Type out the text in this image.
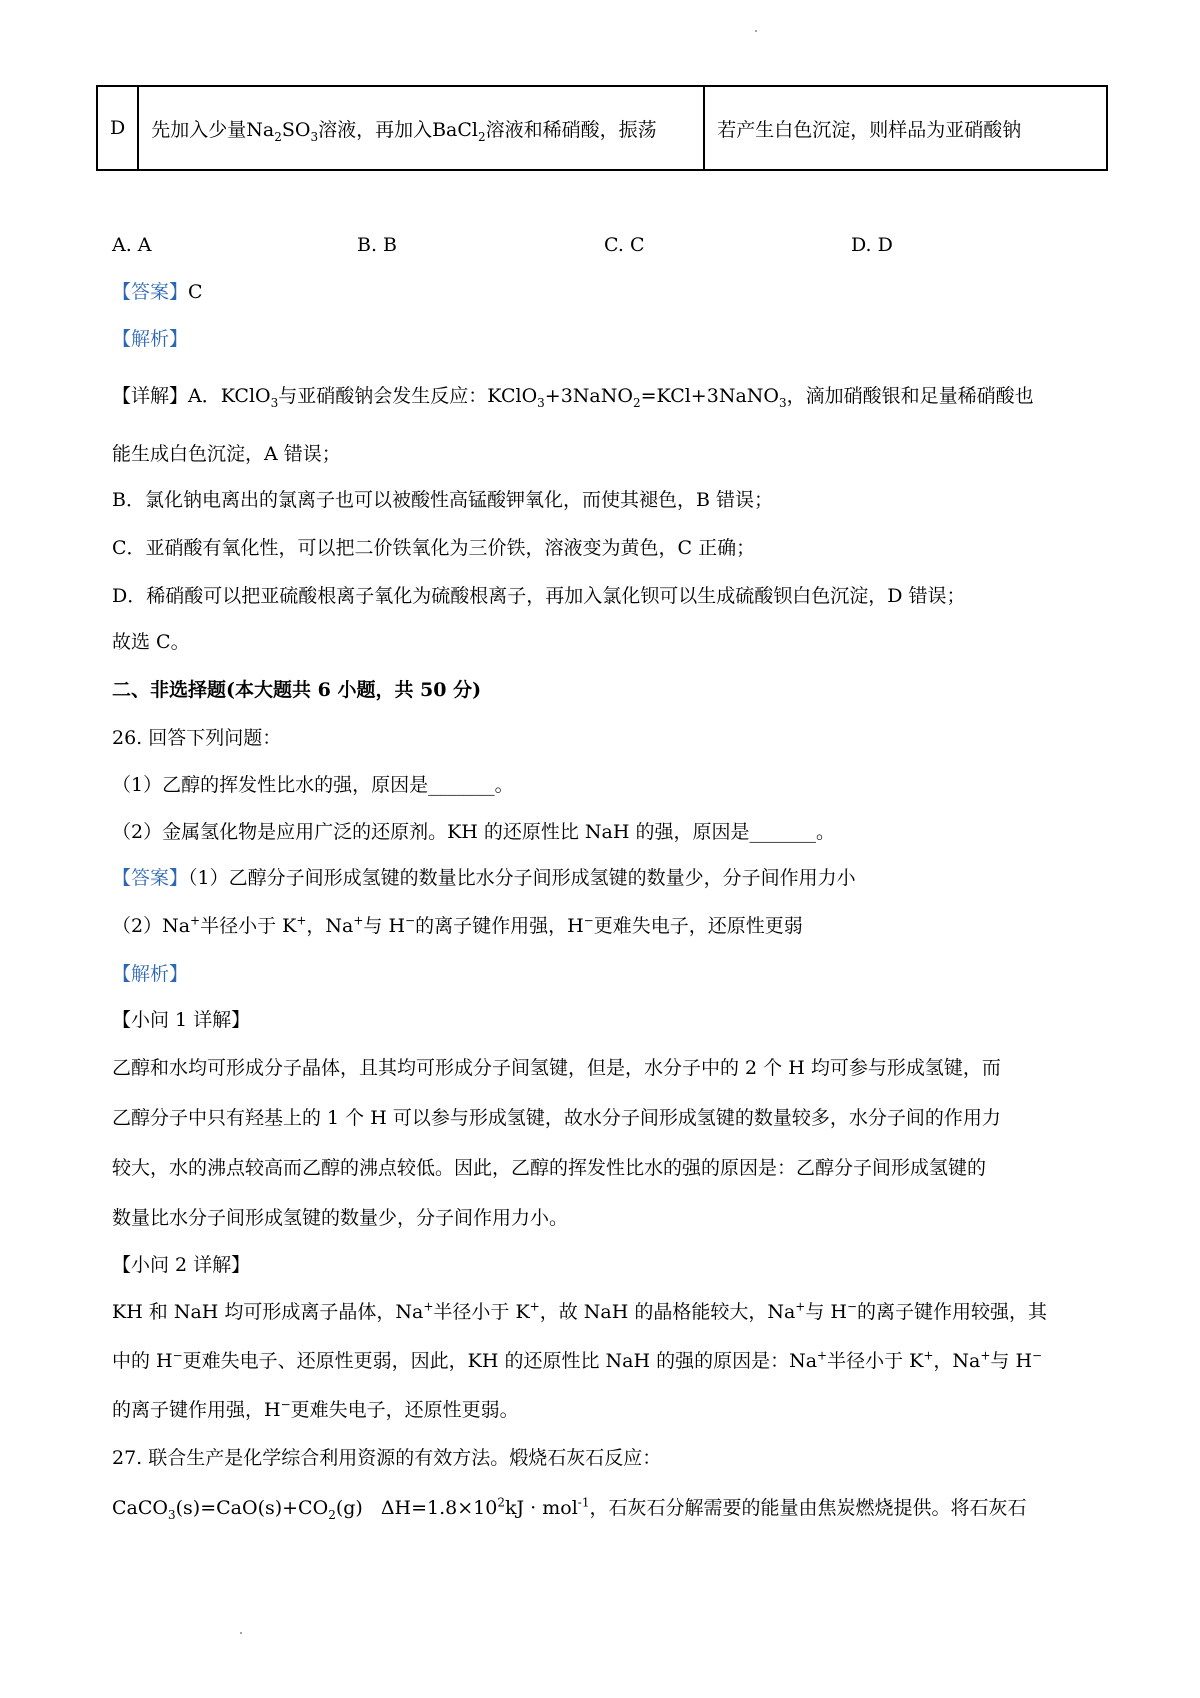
D	先加入少量$Na_2SO_3$溶液，再加入BaCl$_2$溶液和稀硝酸，振荡	若产生白色沉淀，则样品为亚硝酸钠
A. A	B. B	C. C	D. D
【答案】C
【解析】
【详解】A．KClO$_3$与亚硝酸钠会发生反应：KClO$_3$+3NaNO$_2$=KCl+3NaNO$_3$，滴加硝酸银和足量稀硝酸也
能生成白色沉淀，A 错误；
B．氯化钠电离出的氯离子也可以被酸性高锰酸钾氧化，而使其褪色，B 错误；
C．亚硝酸有氧化性，可以把二价铁氧化为三价铁，溶液变为黄色，C 正确；
D．稀硝酸可以把亚硫酸根离子氧化为硫酸根离子，再加入氯化钡可以生成硫酸钡白色沉淀，D 错误；
故选 C。
二、非选择题(本大题共 6 小题，共 50 分)
26. 回答下列问题：
（1）乙醇的挥发性比水的强，原因是_______。
（2）金属氢化物是应用广泛的还原剂。KH 的还原性比 NaH 的强，原因是_______。
【答案】（1）乙醇分子间形成氢键的数量比水分子间形成氢键的数量少，分子间作用力小
（2）Na+半径小于 K+，Na+与 H−的离子键作用强，H−更难失电子，还原性更弱
【解析】
【小问 1 详解】
乙醇和水均可形成分子晶体，且其均可形成分子间氢键，但是，水分子中的 2 个 H 均可参与形成氢键，而
乙醇分子中只有羟基上的 1 个 H 可以参与形成氢键，故水分子间形成氢键的数量较多，水分子间的作用力
较大，水的沸点较高而乙醇的沸点较低。因此，乙醇的挥发性比水的强的原因是：乙醇分子间形成氢键的
数量比水分子间形成氢键的数量少，分子间作用力小。
【小问 2 详解】
KH 和 NaH 均可形成离子晶体，Na+半径小于 K+，故 NaH 的晶格能较大，Na+与 H−的离子键作用较强，其
中的 H−更难失电子、还原性更弱，因此，KH 的还原性比 NaH 的强的原因是：Na+半径小于 K+，Na+与 H−
的离子键作用强，H−更难失电子，还原性更弱。
27. 联合生产是化学综合利用资源的有效方法。煅烧石灰石反应：
$CaCO_3(s)=CaO(s)+CO_2(g) \Delta H=1.8\times 10^2kJ \cdot mol^{-1}$，石灰石分解需要的能量由焦炭燃烧提供。将石灰石
